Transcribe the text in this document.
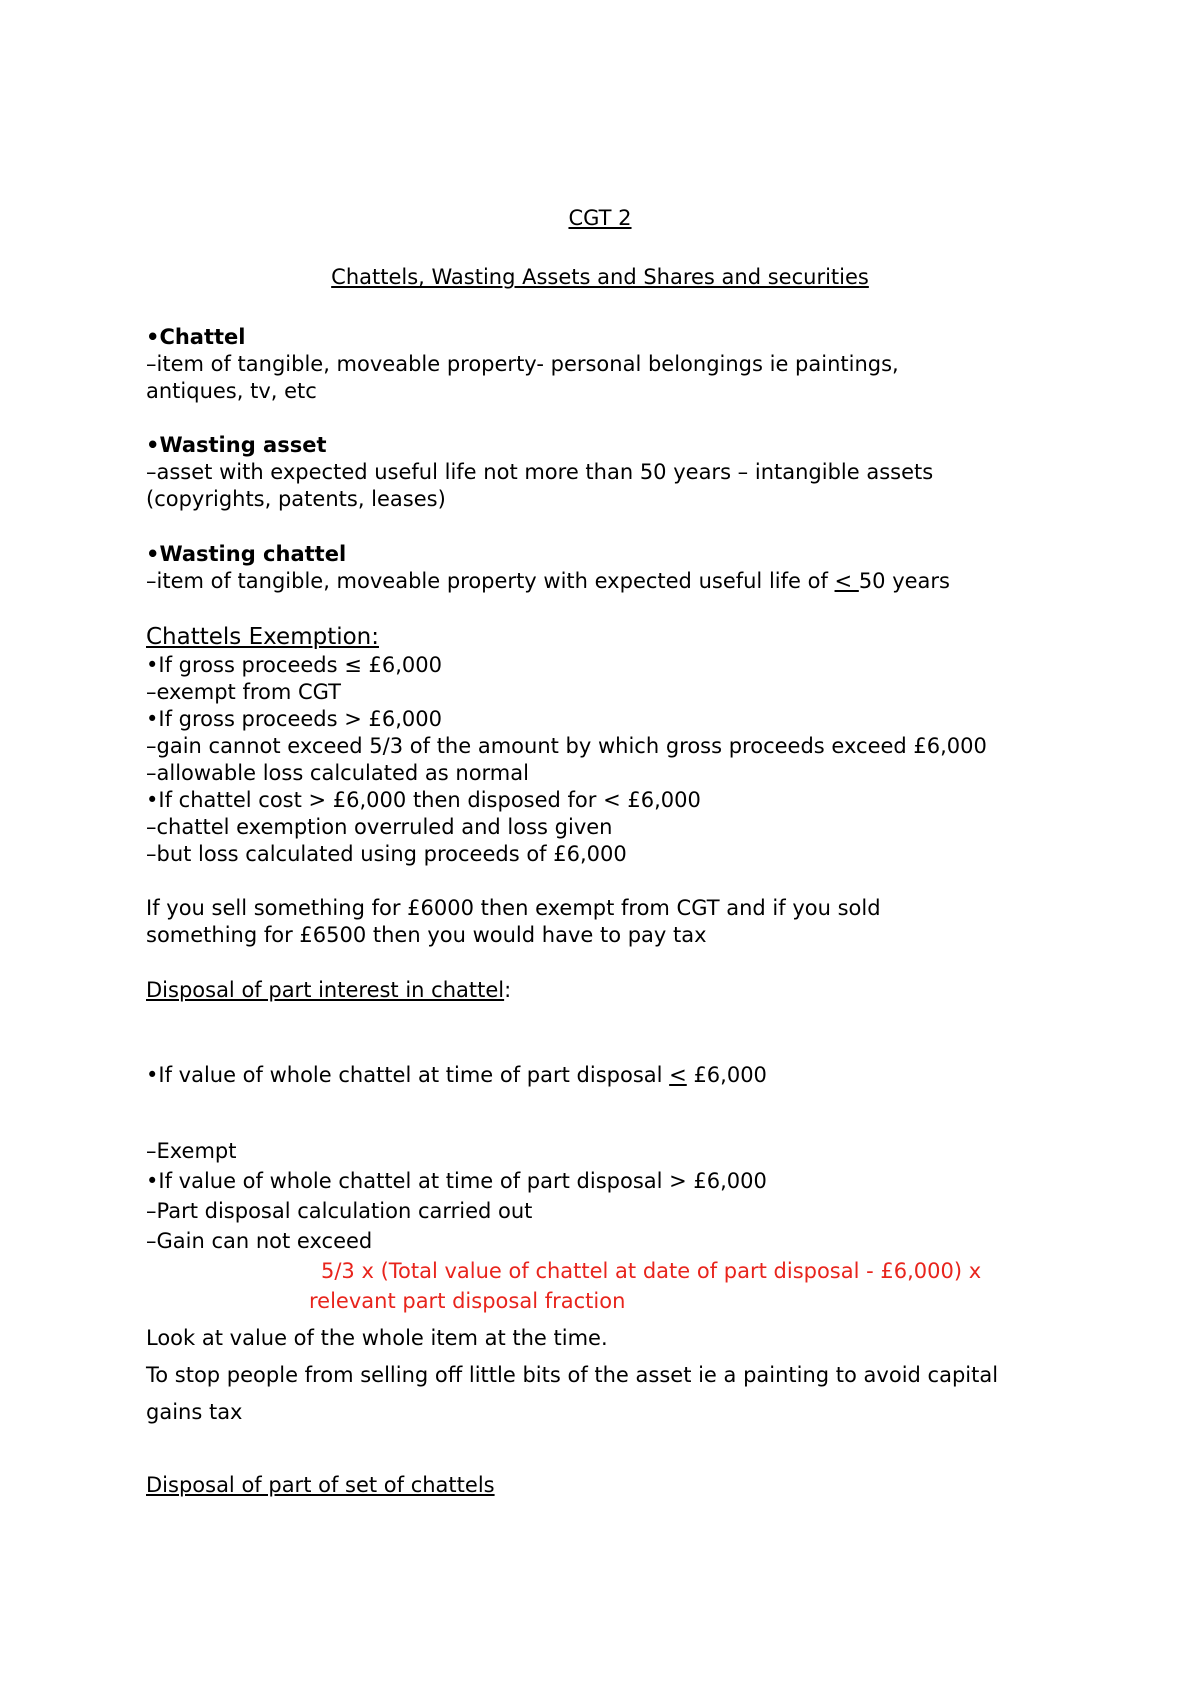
CGT 2
Chattels, Wasting Assets and Shares and securities
•Chattel
–item of tangible, moveable property- personal belongings ie paintings,
antiques, tv, etc
•Wasting asset
–asset with expected useful life not more than 50 years – intangible assets
(copyrights, patents, leases)
•Wasting chattel
–item of tangible, moveable property with expected useful life of < 50 years
Chattels Exemption:
•If gross proceeds ≤ £6,000
–exempt from CGT
•If gross proceeds > £6,000
–gain cannot exceed 5/3 of the amount by which gross proceeds exceed £6,000
–allowable loss calculated as normal
•If chattel cost > £6,000 then disposed for < £6,000
–chattel exemption overruled and loss given
–but loss calculated using proceeds of £6,000
If you sell something for £6000 then exempt from CGT and if you sold
something for £6500 then you would have to pay tax
Disposal of part interest in chattel:
•If value of whole chattel at time of part disposal < £6,000
–Exempt
•If value of whole chattel at time of part disposal > £6,000
–Part disposal calculation carried out
–Gain can not exceed
5/3 x (Total value of chattel at date of part disposal - £6,000) x
relevant part disposal fraction
Look at value of the whole item at the time.
To stop people from selling off little bits of the asset ie a painting to avoid capital
gains tax
Disposal of part of set of chattels
